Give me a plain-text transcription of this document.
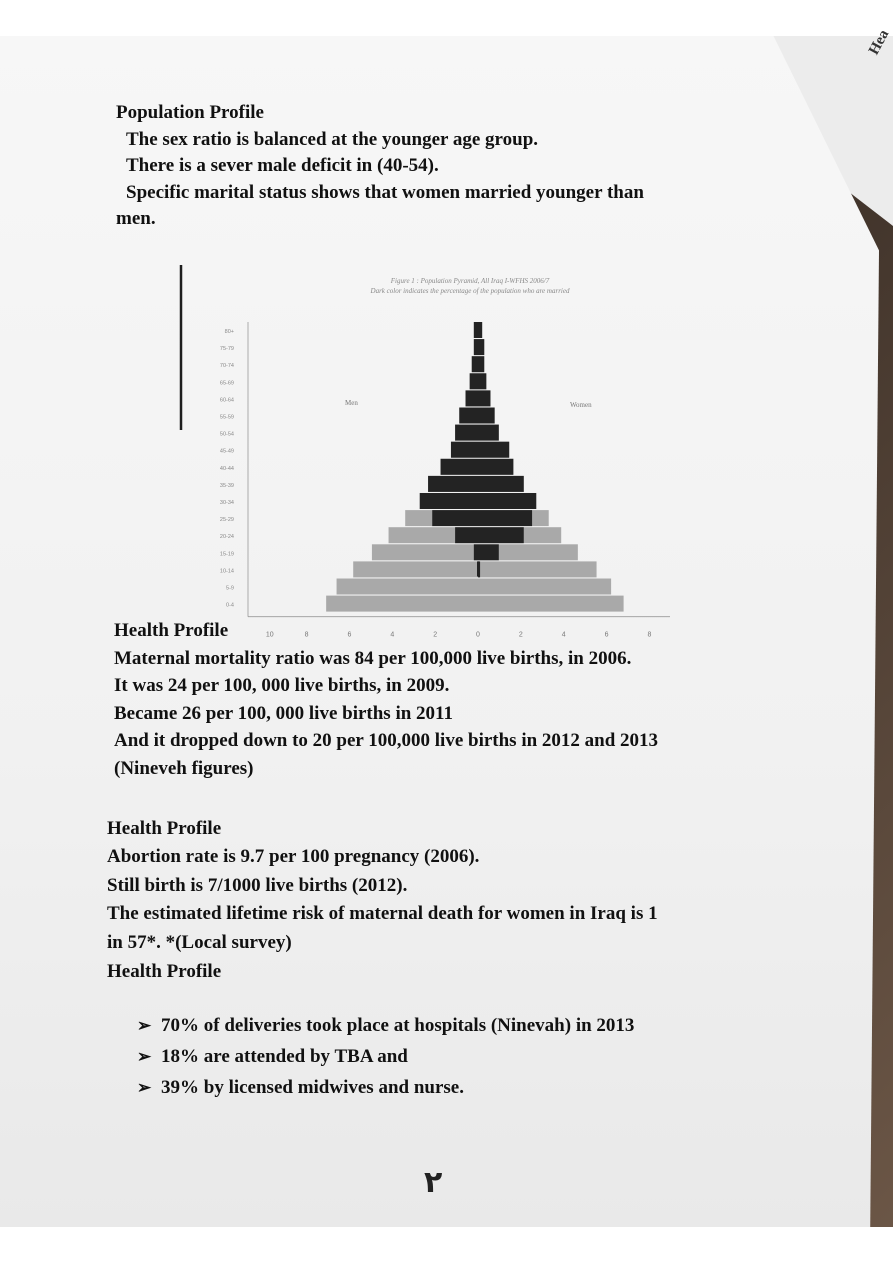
Hea
Population Profile
The sex ratio is balanced at the younger age group.
There is a sever male deficit in (40-54).
Specific marital status shows that women married younger than
men.
Figure 1 : Population Pyramid, All Iraq I-WFHS 2006/7
Dark color indicates the percentage of the population who are married
0-4
5-9
10-14
15-19
20-24
25-29
30-34
35-39
40-44
45-49
50-54
55-59
60-64
65-69
70-74
75-79
80+
10	8	6	4	2	0	2	4	6	8
Men	Women
Health Profile
Maternal mortality ratio was 84 per 100,000 live births, in 2006.
It was 24 per 100, 000 live births, in 2009.
Became 26 per 100, 000 live births in 2011
And it dropped down to 20 per 100,000 live births in 2012 and 2013
(Nineveh figures)
Health Profile
Abortion rate is 9.7 per 100 pregnancy (2006).
Still birth is 7/1000 live births (2012).
The estimated lifetime risk of maternal death for women in Iraq is 1
in 57*. *(Local survey)
Health Profile
➢ 70% of deliveries took place at hospitals (Ninevah) in 2013
➢ 18% are attended by TBA and
➢ 39% by licensed midwives and nurse.
٢
